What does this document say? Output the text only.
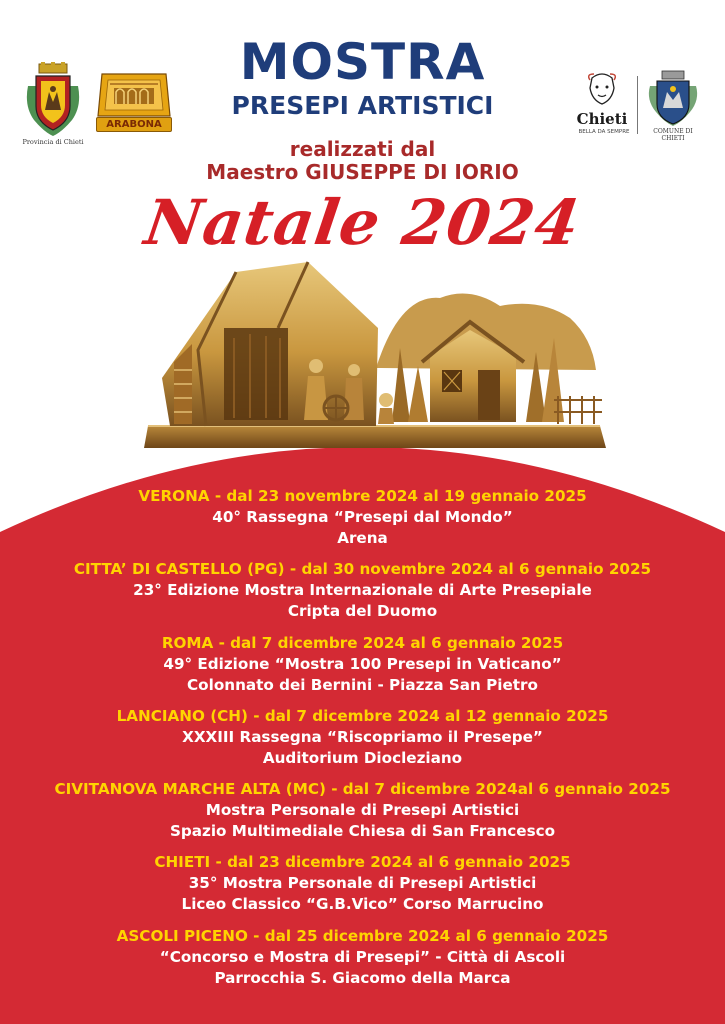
Provincia di Chieti
ARABONA	Chieti
BELLA DA SEMPRE	COMUNE DI CHIETI
MOSTRA
PRESEPI ARTISTICI
realizzati dal
Maestro GIUSEPPE DI IORIO
Natale 2024
VERONA - dal 23 novembre 2024 al 19 gennaio 2025
40° Rassegna “Presepi dal Mondo”
Arena
CITTA’ DI CASTELLO (PG) - dal 30 novembre 2024 al 6 gennaio 2025
23° Edizione Mostra Internazionale di Arte Presepiale
Cripta del Duomo
ROMA - dal 7 dicembre 2024 al 6 gennaio 2025
49° Edizione “Mostra 100 Presepi in Vaticano”
Colonnato dei Bernini - Piazza San Pietro
LANCIANO (CH) - dal 7 dicembre 2024 al 12 gennaio 2025
XXXIII Rassegna “Riscopriamo il Presepe”
Auditorium Diocleziano
CIVITANOVA MARCHE ALTA (MC) - dal 7 dicembre 2024al 6 gennaio 2025
Mostra Personale di Presepi Artistici
Spazio Multimediale Chiesa di San Francesco
CHIETI - dal 23 dicembre 2024 al 6 gennaio 2025
35° Mostra Personale di Presepi Artistici
Liceo Classico “G.B.Vico” Corso Marrucino
ASCOLI PICENO - dal 25 dicembre 2024 al 6 gennaio 2025
“Concorso e Mostra di Presepi” - Città di Ascoli
Parrocchia S. Giacomo della Marca
